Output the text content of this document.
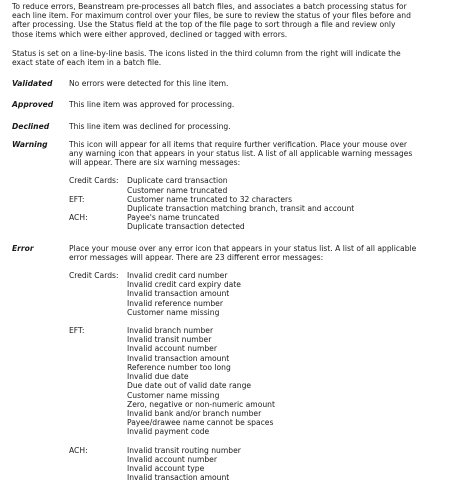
To reduce errors, Beanstream pre-processes all batch files, and associates a batch processing status for
each line item. For maximum control over your files, be sure to review the status of your files before and
after processing. Use the Status field at the top of the file page to sort through a file and review only
those items which were either approved, declined or tagged with errors.

Status is set on a line-by-line basis. The icons listed in the third column from the right will indicate the
exact state of each item in a batch file.

Validated	No errors were detected for this line item.
Approved	This line item was approved for processing.
Declined	This line item was declined for processing.
Warning	This icon will appear for all items that require further verification. Place your mouse over
any warning icon that appears in your status list. A list of all applicable warning messages
will appear. There are six warning messages:
Credit Cards:	Duplicate card transaction
Customer name truncated
EFT:	Customer name truncated to 32 characters
Duplicate transaction matching branch, transit and account
ACH:	Payee's name truncated
Duplicate transaction detected
Error	Place your mouse over any error icon that appears in your status list. A list of all applicable
error messages will appear. There are 23 different error messages:
Credit Cards:	Invalid credit card number
Invalid credit card expiry date
Invalid transaction amount
Invalid reference number
Customer name missing
EFT:	Invalid branch number
Invalid transit number
Invalid account number
Invalid transaction amount
Reference number too long
Invalid due date
Due date out of valid date range
Customer name missing
Zero, negative or non-numeric amount
Invalid bank and/or branch number
Payee/drawee name cannot be spaces
Invalid payment code
ACH:	Invalid transit routing number
Invalid account number
Invalid account type
Invalid transaction amount
